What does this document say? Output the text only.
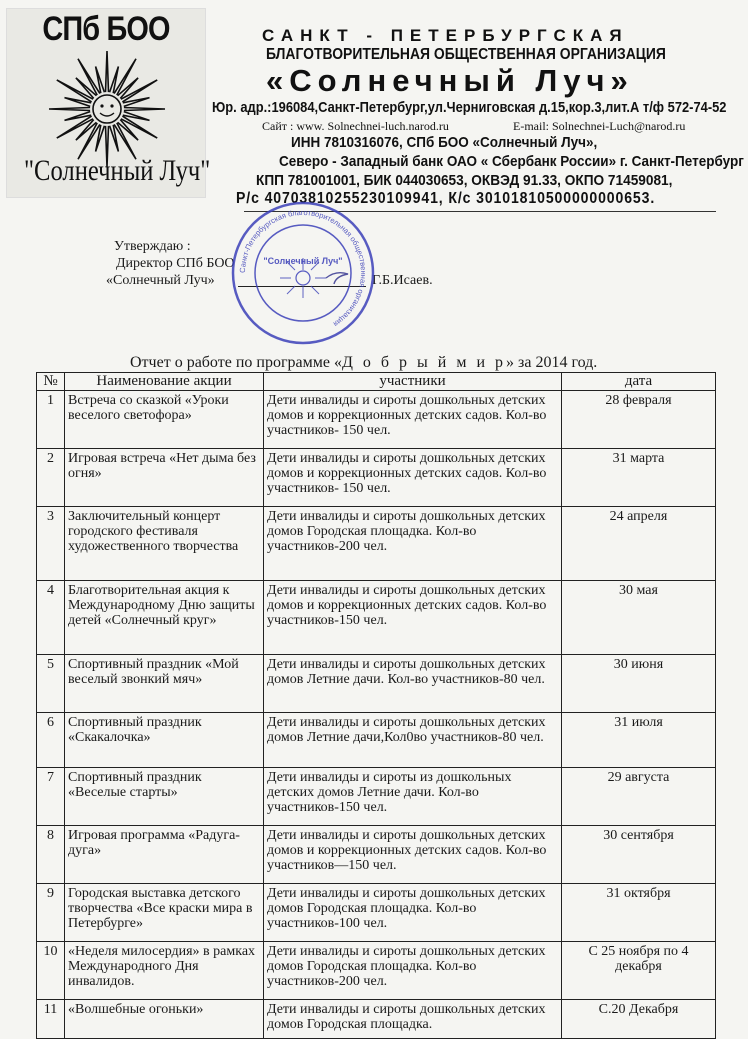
СПб БОО
"Солнечный Луч"
САНКТ - ПЕТЕРБУРГСКАЯ
БЛАГОТВОРИТЕЛЬНАЯ ОБЩЕСТВЕННАЯ ОРГАНИЗАЦИЯ
«Солнечный Луч»
Юр. адр.:196084,Санкт-Петербург,ул.Черниговская д.15,кор.3,лит.А т/ф 572-74-52
Сайт : www. Solnechnei-luch.narod.ru	E-mail: Solnechnei-Luch@narod.ru
ИНН 7810316076, СПб БОО «Солнечный Луч»,
Северо - Западный банк ОАО « Сбербанк России» г. Санкт-Петербург
КПП 781001001, БИК 044030653, ОКВЭД 91.33, ОКПО 71459081,
Р/с 40703810255230109941, К/с 30101810500000000653.
Утверждаю :
Директор СПб БОО
«Солнечный Луч»	Г.Б.Исаев.
Санкт-Петербургская благотворительная общественная организация
"Солнечный Луч"
Отчет о работе по программе «Д о б р ы й м и р» за 2014 год.
№	Наименование акции	участники	дата
1	Встреча со сказкой «Уроки веселого светофора»	Дети инвалиды и сироты дошкольных детских домов и коррекционных детских садов. Кол-во участников- 150 чел.	28 февраля
2	Игровая встреча «Нет дыма без огня»	Дети инвалиды и сироты дошкольных детских домов и коррекционных детских садов. Кол-во участников- 150 чел.	31 марта
3	Заключительный концерт городского фестиваля художественного творчества	Дети инвалиды и сироты дошкольных детских домов Городская площадка. Кол-во участников-200 чел.	24 апреля
4	Благотворительная акция к Международному Дню защиты детей «Солнечный круг»	Дети инвалиды и сироты дошкольных детских домов и коррекционных детских садов. Кол-во участников-150 чел.	30 мая
5	Спортивный праздник «Мой веселый звонкий мяч»	Дети инвалиды и сироты дошкольных детских домов Летние дачи. Кол-во участников-80 чел.	30 июня
6	Спортивный праздник «Скакалочка»	Дети инвалиды и сироты дошкольных детских домов Летние дачи,Кол0во участников-80 чел.	31 июля
7	Спортивный праздник «Веселые старты»	Дети инвалиды и сироты из дошкольных детских домов Летние дачи. Кол-во участников-150 чел.	29 августа
8	Игровая программа «Радуга-дуга»	Дети инвалиды и сироты дошкольных детских домов и коррекционных детских садов. Кол-во участников—150 чел.	30 сентября
9	Городская выставка детского творчества «Все краски мира в Петербурге»	Дети инвалиды и сироты дошкольных детских домов Городская площадка. Кол-во участников-100 чел.	31 октября
10	«Неделя милосердия» в рамках Международного Дня инвалидов.	Дети инвалиды и сироты дошкольных детских домов Городская площадка. Кол-во участников-200 чел.	С 25 ноября по 4 декабря
11	«Волшебные огоньки»	Дети инвалиды и сироты дошкольных детских домов Городская площадка.	С.20 Декабря
